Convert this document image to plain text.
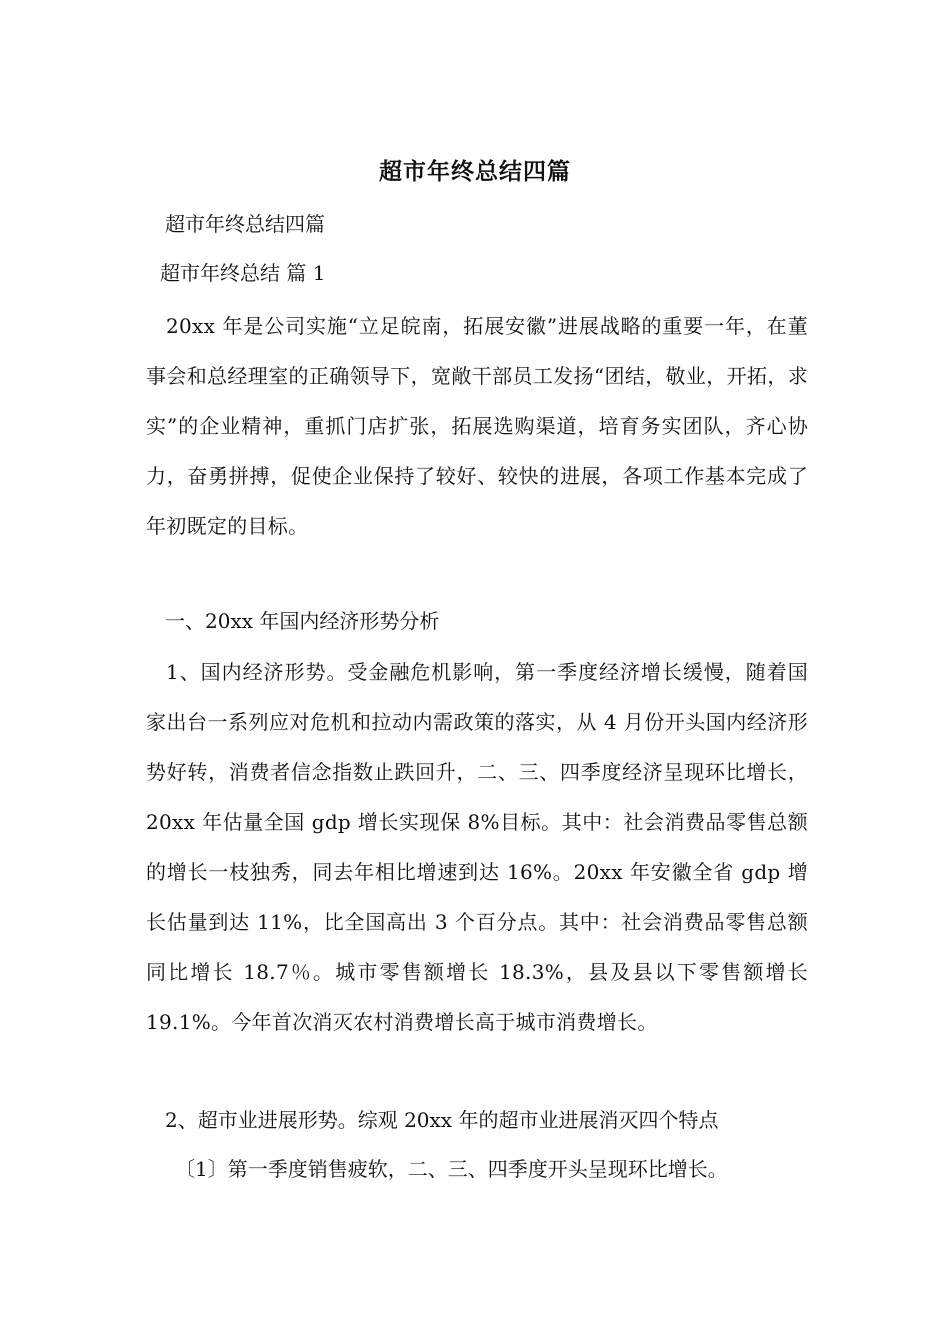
超市年终总结四篇
超市年终总结四篇
超市年终总结 篇 1
20xx 年是公司实施“立足皖南，拓展安徽”进展战略的重要一年，在董事会和总经理室的正确领导下，宽敞干部员工发扬“团结，敬业，开拓，求实”的企业精神，重抓门店扩张，拓展选购渠道，培育务实团队，齐心协力，奋勇拼搏，促使企业保持了较好、较快的进展，各项工作基本完成了年初既定的目标。
一、20xx 年国内经济形势分析
1、国内经济形势。受金融危机影响，第一季度经济增长缓慢，随着国家出台一系列应对危机和拉动内需政策的落实，从 4 月份开头国内经济形势好转，消费者信念指数止跌回升，二、三、四季度经济呈现环比增长，20xx 年估量全国 gdp 增长实现保 8%目标。其中：社会消费品零售总额的增长一枝独秀，同去年相比增速到达 16%。20xx 年安徽全省 gdp 增长估量到达 11%，比全国高出 3 个百分点。其中：社会消费品零售总额同比增长 18.7％。城市零售额增长 18.3%，县及县以下零售额增长 19.1%。今年首次消灭农村消费增长高于城市消费增长。
2、超市业进展形势。综观 20xx 年的超市业进展消灭四个特点
〔1〕第一季度销售疲软，二、三、四季度开头呈现环比增长。
